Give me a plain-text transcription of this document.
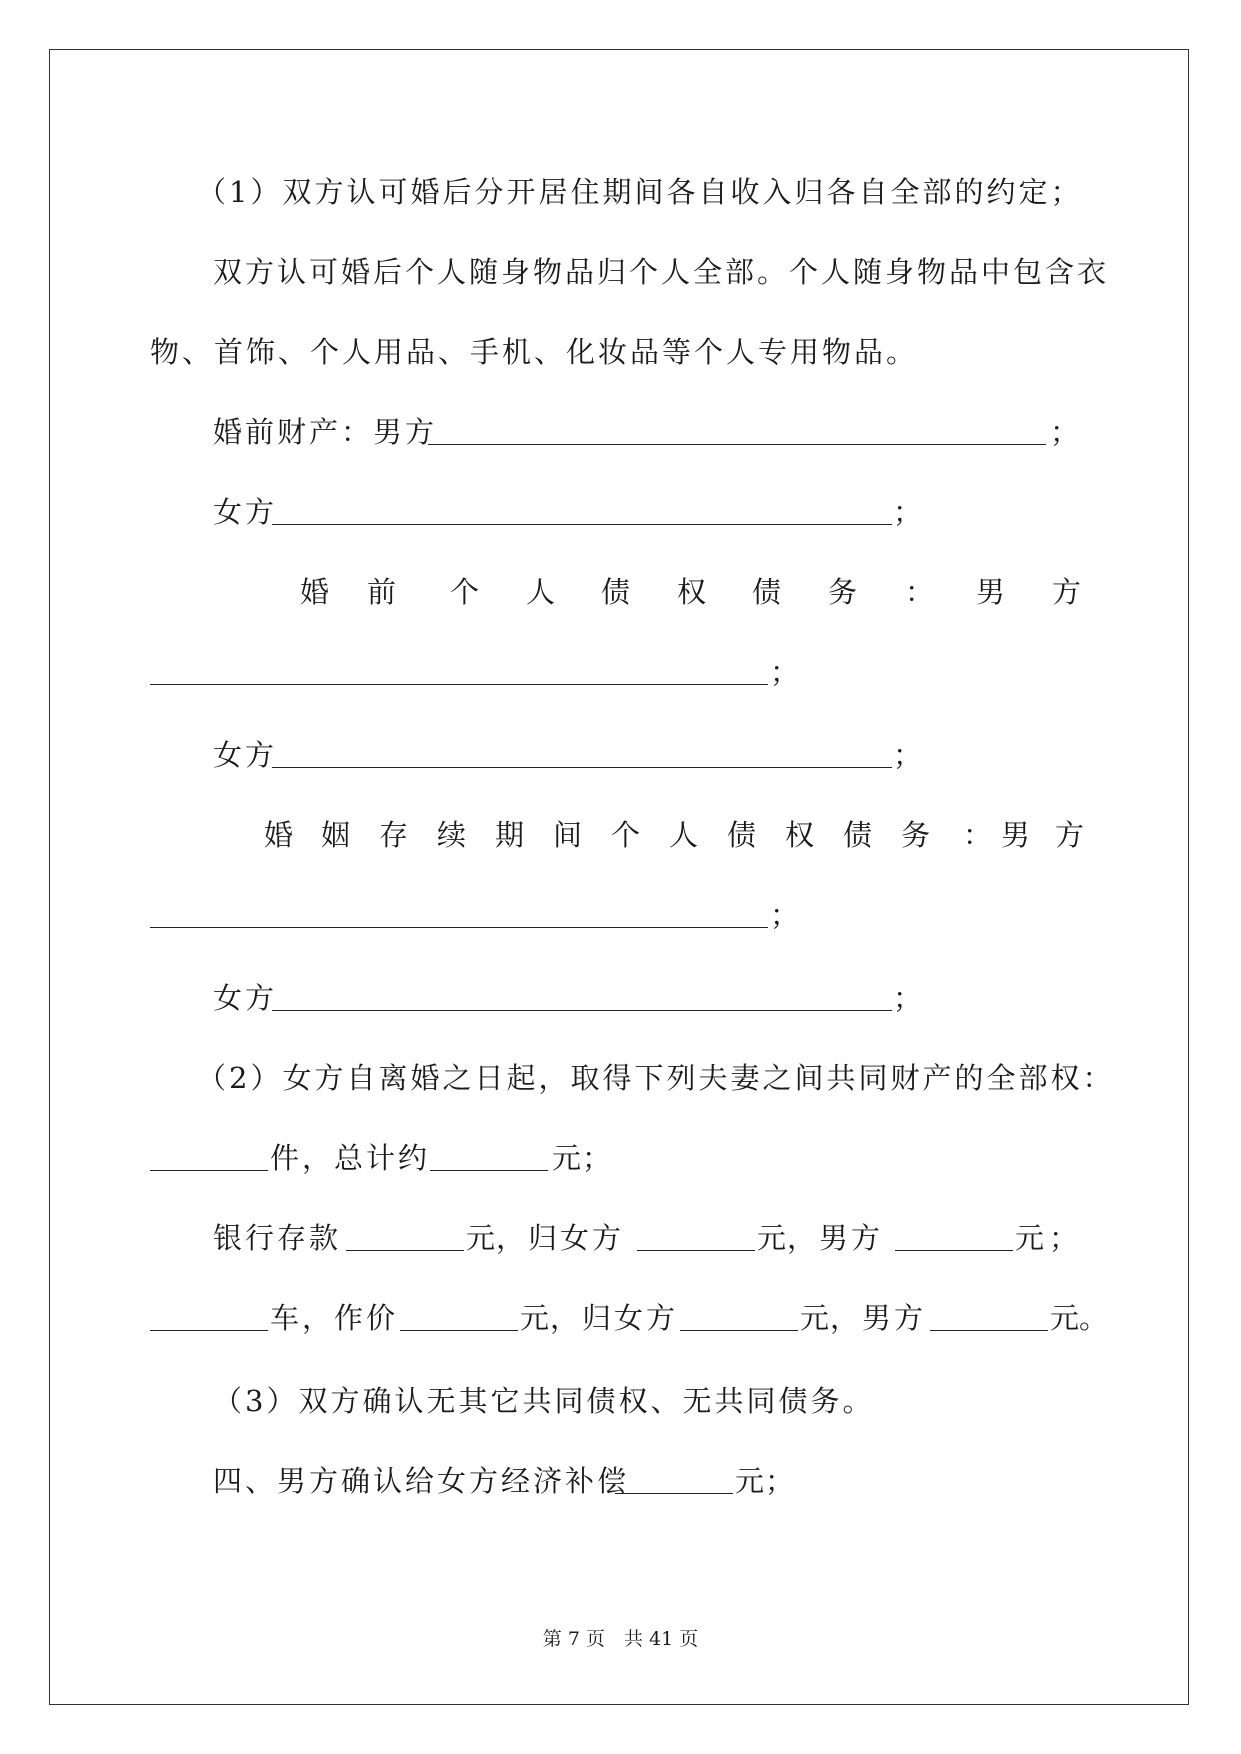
（1）双方认可婚后分开居住期间各自收入归各自全部的约定；
双方认可婚后个人随身物品归个人全部。个人随身物品中包含衣
物、首饰、个人用品、手机、化妆品等个人专用物品。
婚前财产：男方	；
女方	；
婚 前 个 人 债 权 债 务 ： 男 方
；
女方	；
婚 姻 存 续 期 间 个 人 债 权 债 务 ： 男 方
；
女方	；
（2）女方自离婚之日起，取得下列夫妻之间共同财产的全部权：
件，总计约	元 ；
银行存款	元 ，归女方	元 ，男方	元 ；
车，作价	元 ，归女方	元 ，男方	元 。
（3）双方确认无其它共同债权、无共同债务。
四、男方确认给女方经济补偿	元 ；
第 7 页　共 41 页
